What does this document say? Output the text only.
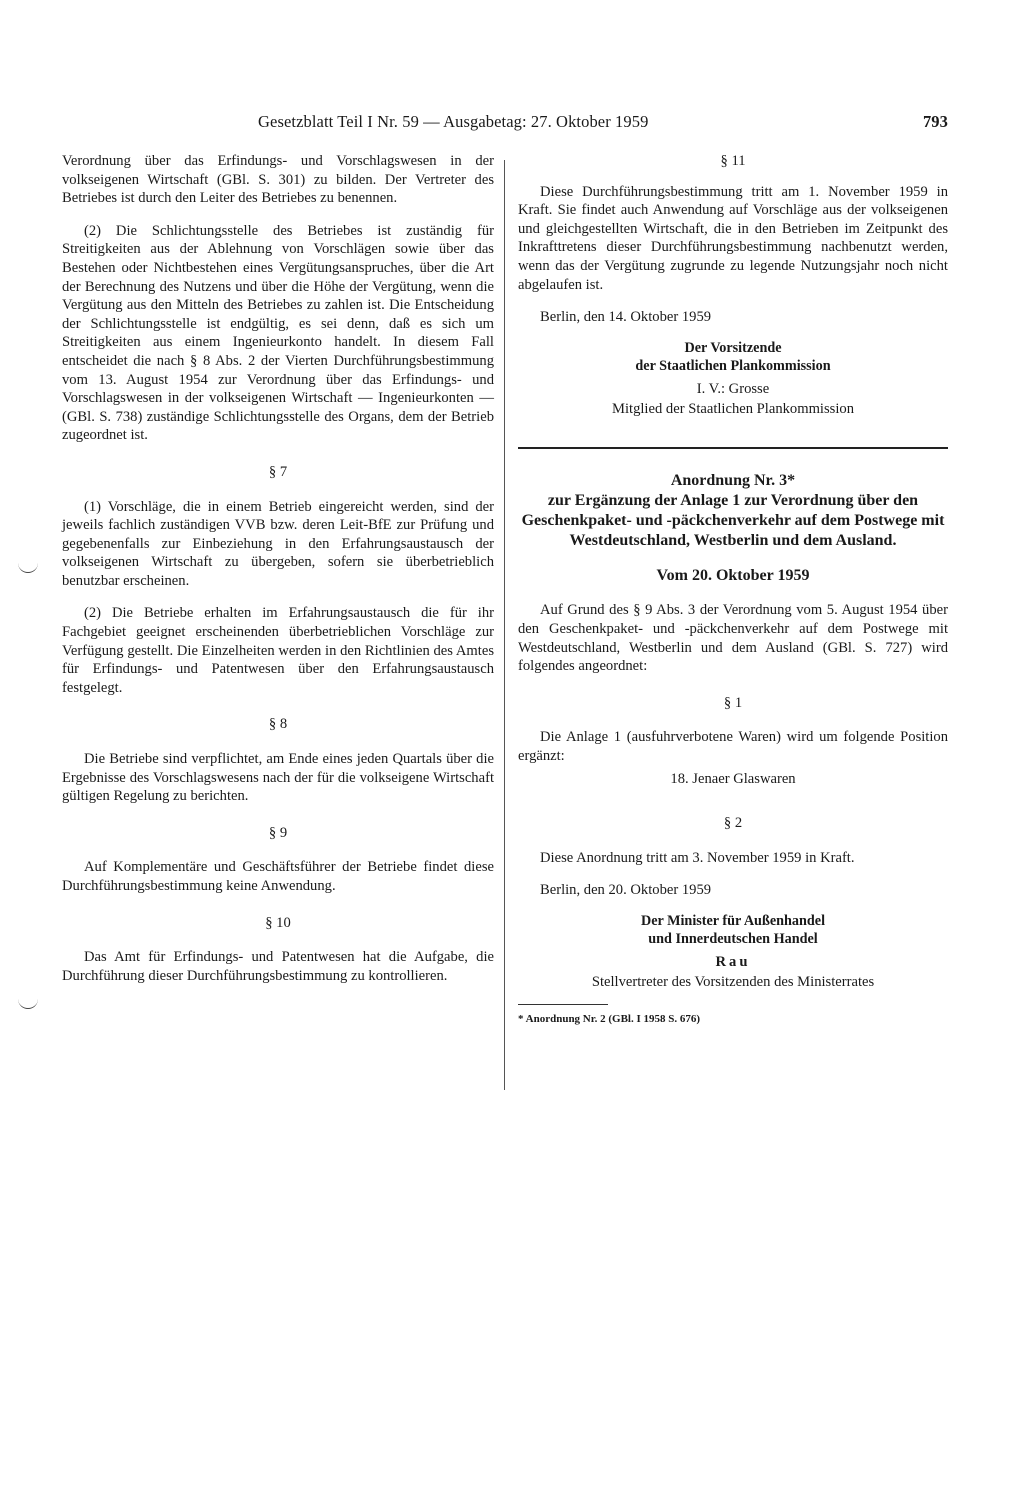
Gesetzblatt Teil I Nr. 59 — Ausgabetag: 27. Oktober 1959	793

Verordnung über das Erfindungs- und Vorschlagswesen in der volkseigenen Wirtschaft (GBl. S. 301) zu bilden. Der Vertreter des Betriebes ist durch den Leiter des Betriebes zu benennen.

(2) Die Schlichtungsstelle des Betriebes ist zuständig für Streitigkeiten aus der Ablehnung von Vorschlägen sowie über das Bestehen oder Nichtbestehen eines Vergütungsanspruches, über die Art der Berechnung des Nutzens und über die Höhe der Vergütung, wenn die Vergütung aus den Mitteln des Betriebes zu zahlen ist. Die Entscheidung der Schlichtungsstelle ist endgültig, es sei denn, daß es sich um Streitigkeiten aus einem Ingenieurkonto handelt. In diesem Fall entscheidet die nach § 8 Abs. 2 der Vierten Durchführungsbestimmung vom 13. August 1954 zur Verordnung über das Erfindungs- und Vorschlagswesen in der volkseigenen Wirtschaft — Ingenieurkonten — (GBl. S. 738) zuständige Schlichtungsstelle des Organs, dem der Betrieb zugeordnet ist.

§ 7

(1) Vorschläge, die in einem Betrieb eingereicht werden, sind der jeweils fachlich zuständigen VVB bzw. deren Leit-BfE zur Prüfung und gegebenenfalls zur Einbeziehung in den Erfahrungsaustausch der volkseigenen Wirtschaft zu übergeben, sofern sie überbetrieblich benutzbar erscheinen.

(2) Die Betriebe erhalten im Erfahrungsaustausch die für ihr Fachgebiet geeignet erscheinenden überbetrieblichen Vorschläge zur Verfügung gestellt. Die Einzelheiten werden in den Richtlinien des Amtes für Erfindungs- und Patentwesen über den Erfahrungsaustausch festgelegt.

§ 8

Die Betriebe sind verpflichtet, am Ende eines jeden Quartals über die Ergebnisse des Vorschlagswesens nach der für die volkseigene Wirtschaft gültigen Regelung zu berichten.

§ 9

Auf Komplementäre und Geschäftsführer der Betriebe findet diese Durchführungsbestimmung keine Anwendung.

§ 10

Das Amt für Erfindungs- und Patentwesen hat die Aufgabe, die Durchführung dieser Durchführungsbestimmung zu kontrollieren.

§ 11

Diese Durchführungsbestimmung tritt am 1. November 1959 in Kraft. Sie findet auch Anwendung auf Vorschläge aus der volkseigenen und gleichgestellten Wirtschaft, die in den Betrieben im Zeitpunkt des Inkrafttretens dieser Durchführungsbestimmung nachbenutzt werden, wenn das der Vergütung zugrunde zu legende Nutzungsjahr noch nicht abgelaufen ist.

Berlin, den 14. Oktober 1959

Der Vorsitzende
der Staatlichen Plankommission
I. V.: Grosse
Mitglied der Staatlichen Plankommission
Anordnung Nr. 3*
zur Ergänzung der Anlage 1 zur Verordnung über den Geschenkpaket- und -päckchenverkehr auf dem Postwege mit Westdeutschland, Westberlin und dem Ausland.
Vom 20. Oktober 1959

Auf Grund des § 9 Abs. 3 der Verordnung vom 5. August 1954 über den Geschenkpaket- und -päckchenverkehr auf dem Postwege mit Westdeutschland, Westberlin und dem Ausland (GBl. S. 727) wird folgendes angeordnet:

§ 1

Die Anlage 1 (ausfuhrverbotene Waren) wird um folgende Position ergänzt:

18. Jenaer Glaswaren

§ 2

Diese Anordnung tritt am 3. November 1959 in Kraft.

Berlin, den 20. Oktober 1959

Der Minister für Außenhandel
und Innerdeutschen Handel
Rau
Stellvertreter des Vorsitzenden des Ministerrates
* Anordnung Nr. 2 (GBl. I 1958 S. 676)
